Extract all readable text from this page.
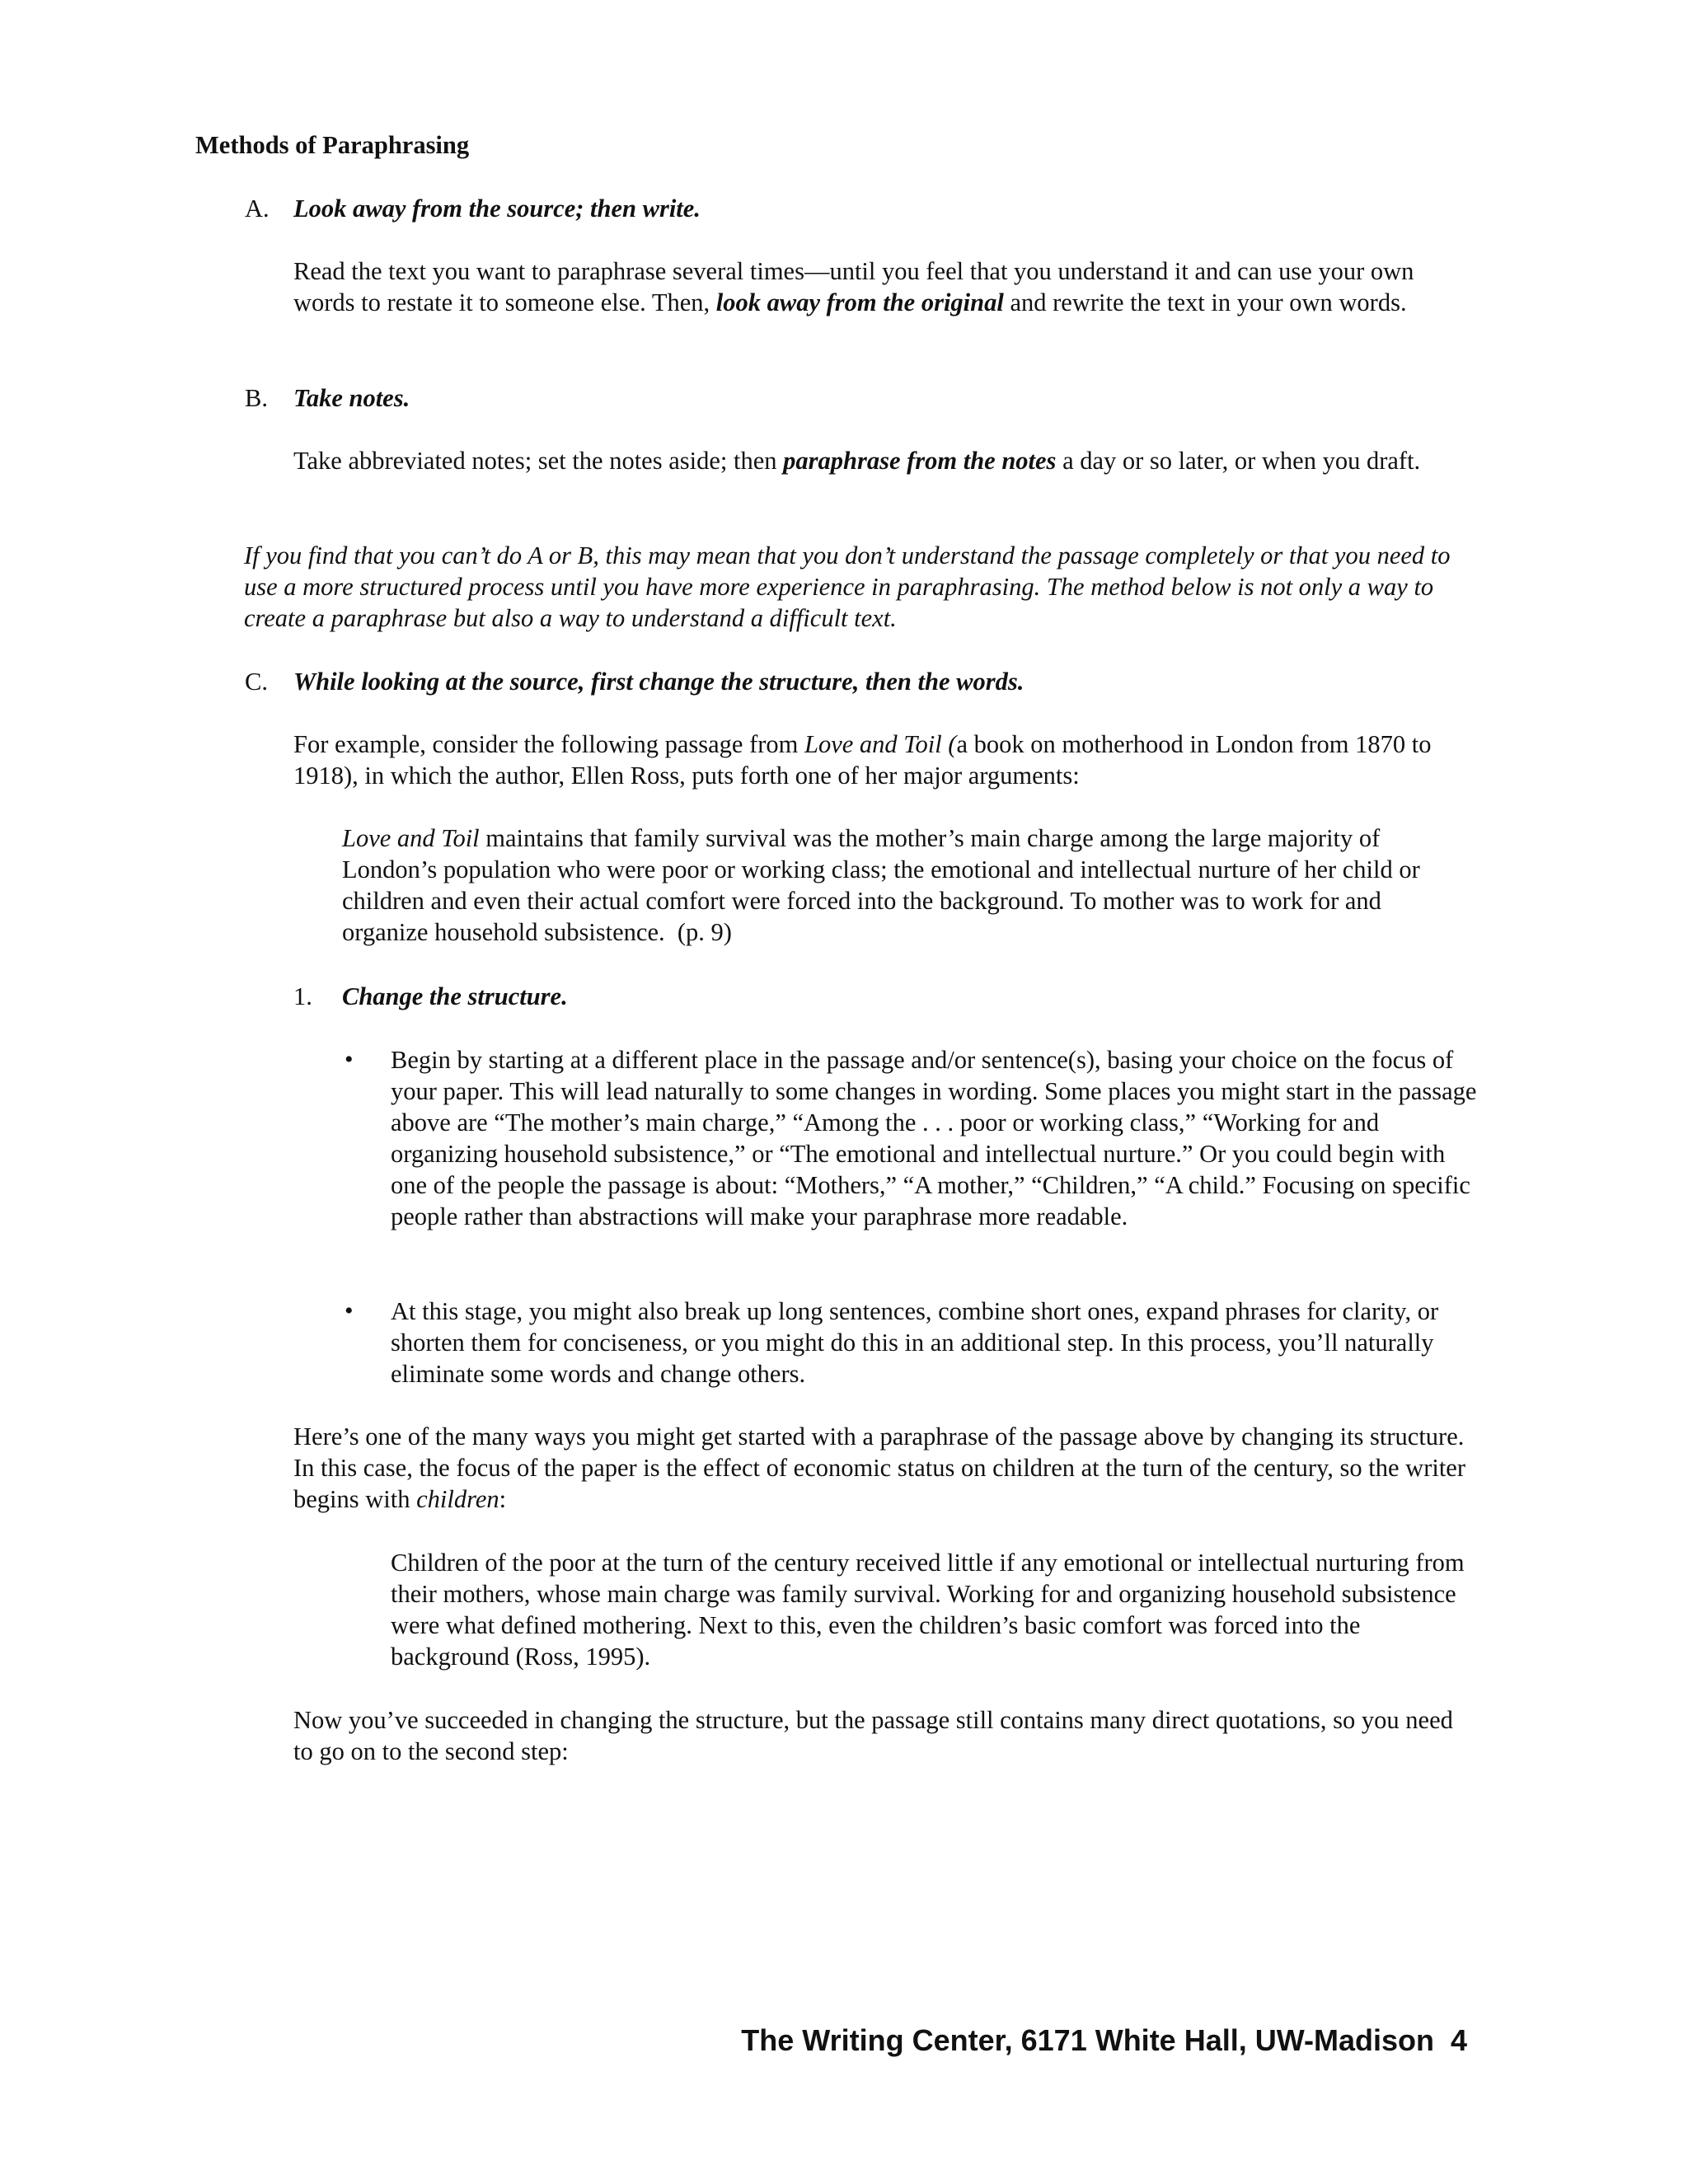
Methods of Paraphrasing
A. Look away from the source; then write.

Read the text you want to paraphrase several times—until you feel that you understand it and can use your own words to restate it to someone else. Then, look away from the original and rewrite the text in your own words.

B. Take notes.

Take abbreviated notes; set the notes aside; then paraphrase from the notes a day or so later, or when you draft.

If you find that you can’t do A or B, this may mean that you don’t understand the passage completely or that you need to use a more structured process until you have more experience in paraphrasing. The method below is not only a way to create a paraphrase but also a way to understand a difficult text.

C. While looking at the source, first change the structure, then the words.

For example, consider the following passage from Love and Toil (a book on motherhood in London from 1870 to 1918), in which the author, Ellen Ross, puts forth one of her major arguments:

Love and Toil maintains that family survival was the mother’s main charge among the large majority of London’s population who were poor or working class; the emotional and intellectual nurture of her child or children and even their actual comfort were forced into the background. To mother was to work for and organize household subsistence.  (p. 9)

1. Change the structure.
• Begin by starting at a different place in the passage and/or sentence(s), basing your choice on the focus of your paper. This will lead naturally to some changes in wording. Some places you might start in the passage above are “The mother’s main charge,” “Among the . . . poor or working class,” “Working for and organizing household subsistence,” or “The emotional and intellectual nurture.” Or you could begin with one of the people the passage is about: “Mothers,” “A mother,” “Children,” “A child.” Focusing on specific people rather than abstractions will make your paraphrase more readable.

• At this stage, you might also break up long sentences, combine short ones, expand phrases for clarity, or shorten them for conciseness, or you might do this in an additional step. In this process, you’ll naturally eliminate some words and change others.

Here’s one of the many ways you might get started with a paraphrase of the passage above by changing its structure. In this case, the focus of the paper is the effect of economic status on children at the turn of the century, so the writer begins with children:

Children of the poor at the turn of the century received little if any emotional or intellectual nurturing from their mothers, whose main charge was family survival. Working for and organizing household subsistence were what defined mothering. Next to this, even the children’s basic comfort was forced into the background (Ross, 1995).

Now you’ve succeeded in changing the structure, but the passage still contains many direct quotations, so you need to go on to the second step:

The Writing Center, 6171 White Hall, UW-Madison  4
